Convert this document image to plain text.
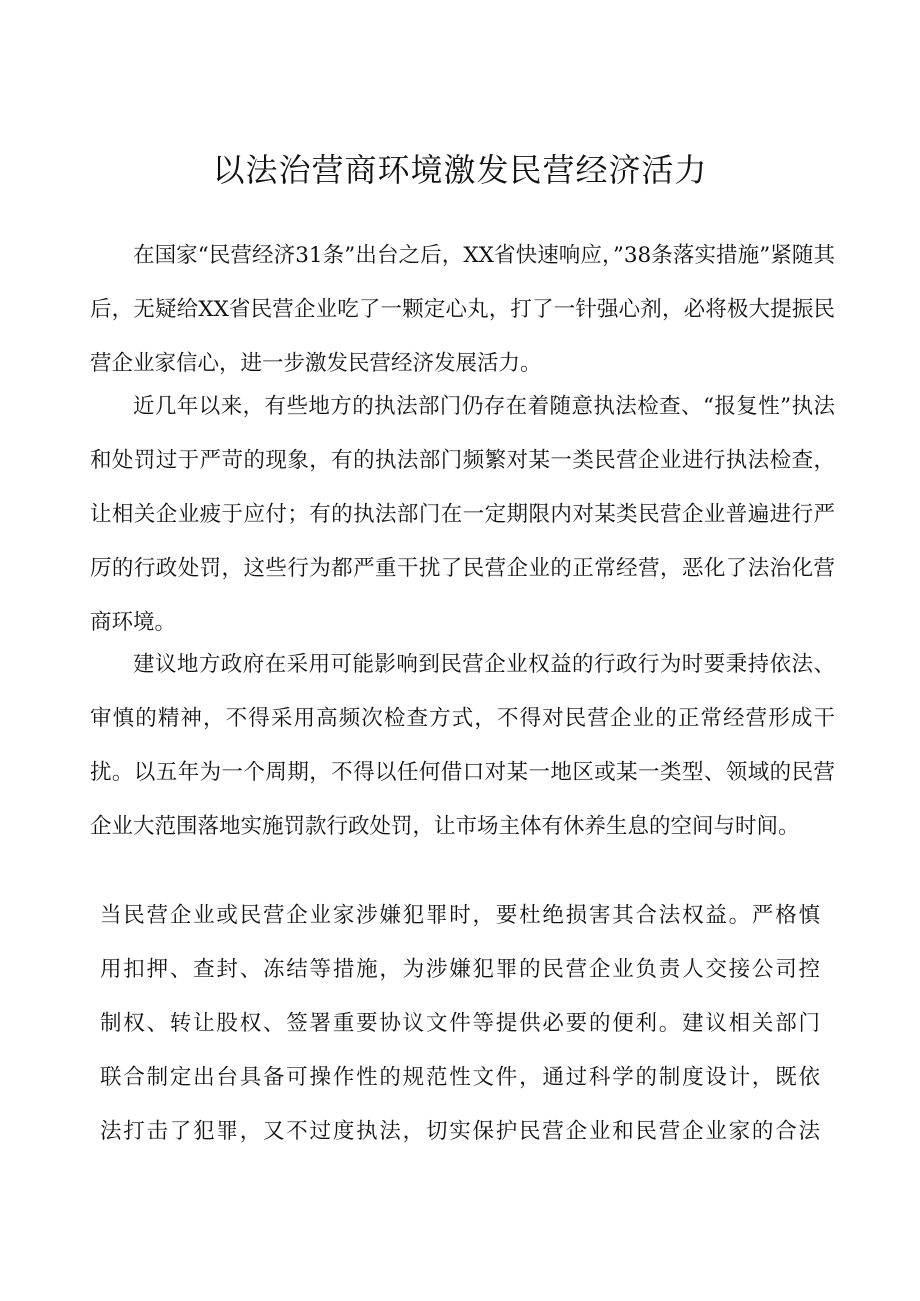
以法治营商环境激发民营经济活力

在国家“民营经济31条”出台之后，XX省快速响应，”38条落实措施”紧随其后，无疑给XX省民营企业吃了一颗定心丸，打了一针强心剂，必将极大提振民营企业家信心，进一步激发民营经济发展活力。

近几年以来，有些地方的执法部门仍存在着随意执法检查、“报复性”执法和处罚过于严苛的现象，有的执法部门频繁对某一类民营企业进行执法检查，让相关企业疲于应付；有的执法部门在一定期限内对某类民营企业普遍进行严厉的行政处罚，这些行为都严重干扰了民营企业的正常经营，恶化了法治化营商环境。

建议地方政府在采用可能影响到民营企业权益的行政行为时要秉持依法、审慎的精神，不得采用高频次检查方式，不得对民营企业的正常经营形成干扰。以五年为一个周期，不得以任何借口对某一地区或某一类型、领域的民营企业大范围落地实施罚款行政处罚，让市场主体有休养生息的空间与时间。

当民营企业或民营企业家涉嫌犯罪时，要杜绝损害其合法权益。严格慎
用扣押、查封、冻结等措施，为涉嫌犯罪的民营企业负责人交接公司控
制权、转让股权、签署重要协议文件等提供必要的便利。建议相关部门
联合制定出台具备可操作性的规范性文件，通过科学的制度设计，既依
法打击了犯罪，又不过度执法，切实保护民营企业和民营企业家的合法
